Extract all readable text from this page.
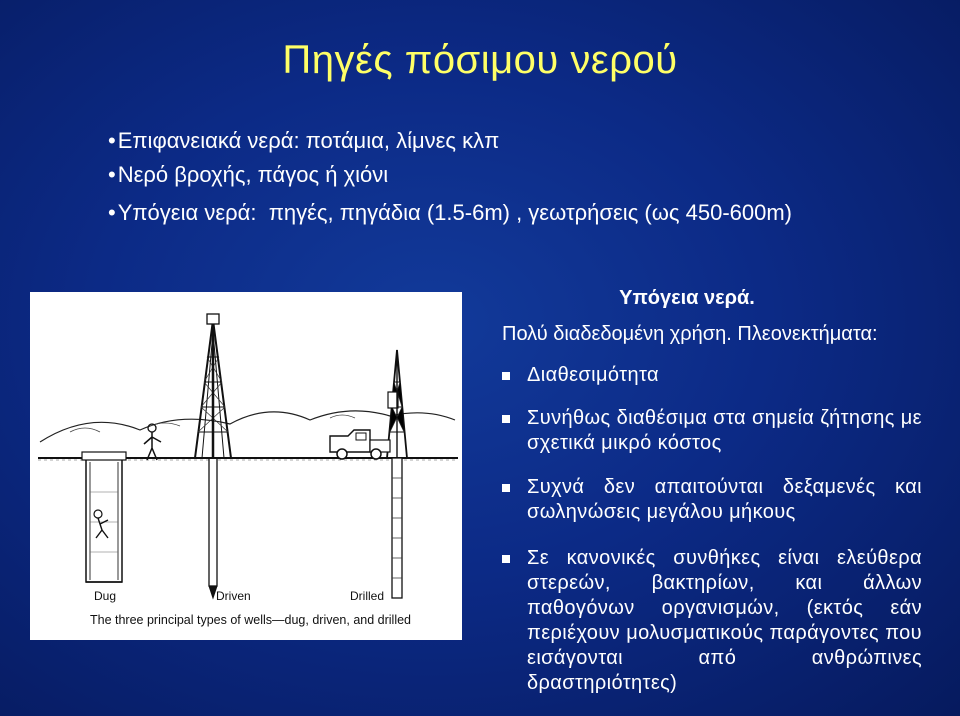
Πηγές πόσιμου νερού
•Επιφανειακά νερά: ποτάμια, λίμνες κλπ
•Νερό βροχής, πάγος ή χιόνι
•Υπόγεια νερά:  πηγές, πηγάδια (1.5-6m) , γεωτρήσεις (ως 450-600m)
Dug	Driven	Drilled
The three principal types of wells—dug, driven, and drilled
Υπόγεια νερά.
Πολύ διαδεδομένη χρήση. Πλεονεκτήματα:
Διαθεσιμότητα
Συνήθως διαθέσιμα στα σημεία ζήτησης με σχετικά μικρό κόστος
Συχνά δεν απαιτούνται δεξαμενές και σωληνώσεις μεγάλου μήκους
Σε κανονικές συνθήκες είναι ελεύθερα στερεών, βακτηρίων, και άλλων παθογόνων οργανισμών, (εκτός εάν περιέχουν μολυσματικούς παράγοντες που εισάγονται από ανθρώπινες δραστηριότητες)
